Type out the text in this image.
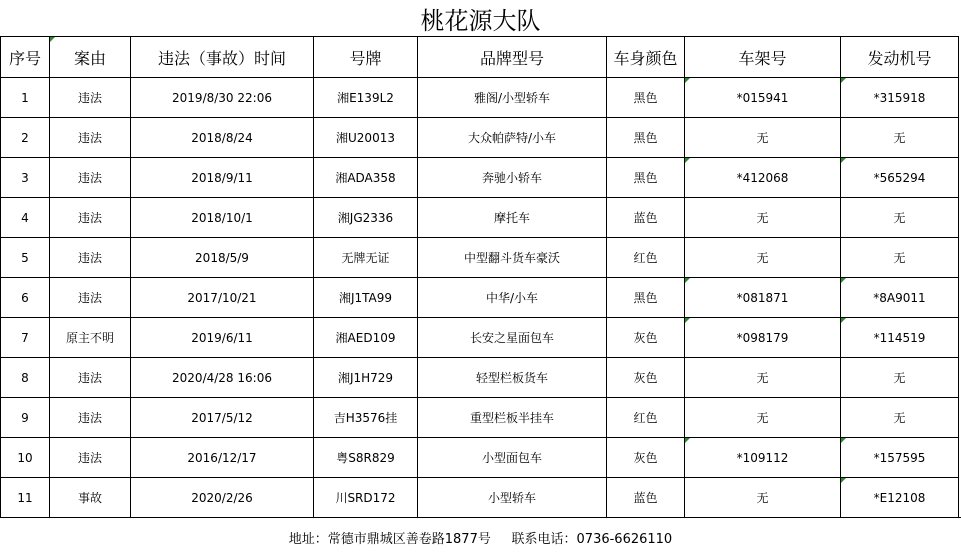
桃花源大队
序号	案由	违法（事故）时间	号牌	品牌型号	车身颜色	车架号	发动机号
1	违法	2019/8/30 22:06	湘E139L2	雅阁/小型轿车	黑色	*015941	*315918
2	违法	2018/8/24	湘U20013	大众帕萨特/小车	黑色	无	无
3	违法	2018/9/11	湘ADA358	奔驰小轿车	黑色	*412068	*565294
4	违法	2018/10/1	湘JG2336	摩托车	蓝色	无	无
5	违法	2018/5/9	无牌无证	中型翻斗货车豪沃	红色	无	无
6	违法	2017/10/21	湘J1TA99	中华/小车	黑色	*081871	*8A9011
7	原主不明	2019/6/11	湘AED109	长安之星面包车	灰色	*098179	*114519
8	违法	2020/4/28 16:06	湘J1H729	轻型栏板货车	灰色	无	无
9	违法	2017/5/12	吉H3576挂	重型栏板半挂车	红色	无	无
10	违法	2016/12/17	粤S8R829	小型面包车	灰色	*109112	*157595
11	事故	2020/2/26	川SRD172	小型轿车	蓝色	无	*E12108
地址：常德市鼎城区善卷路1877号
联系电话：0736-6626110
